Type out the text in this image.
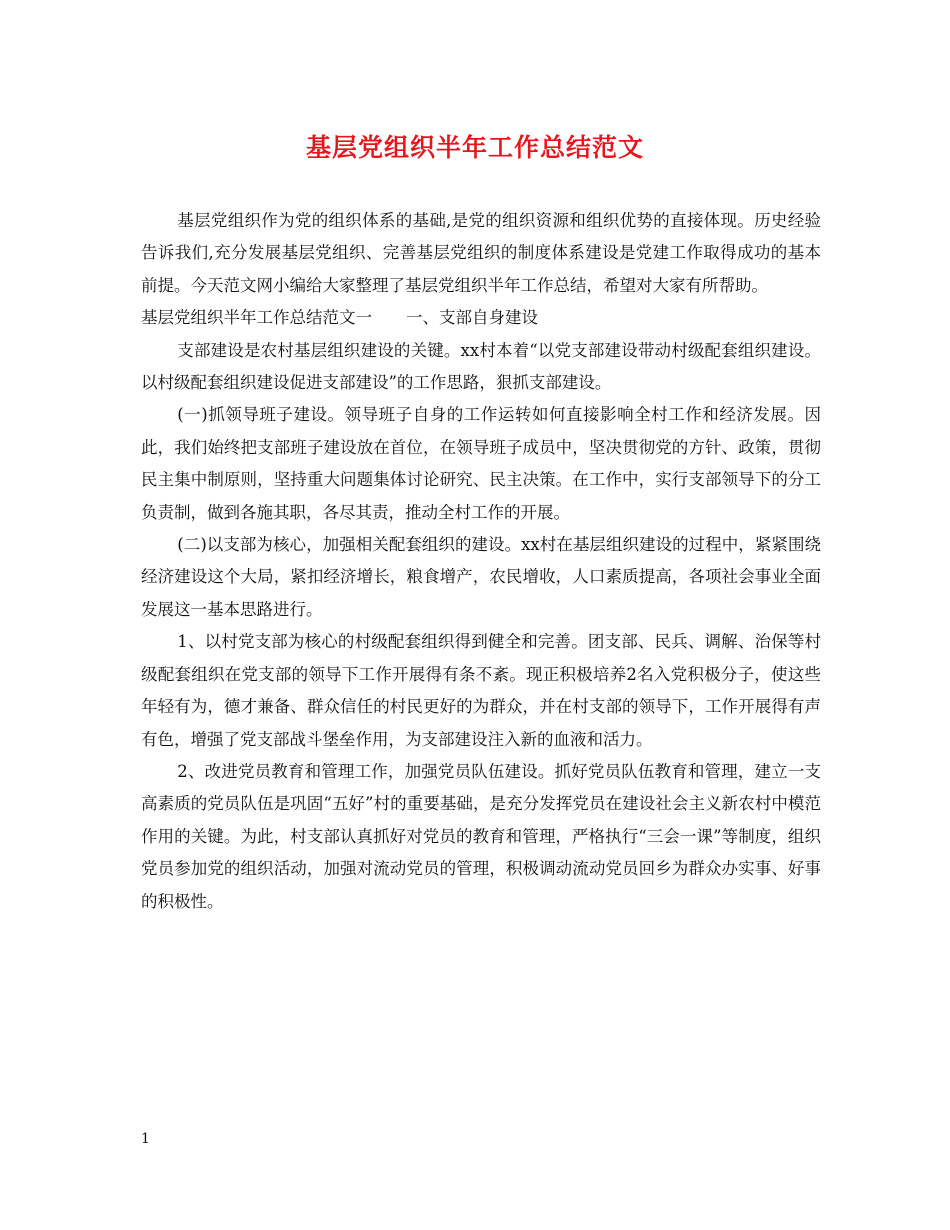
基层党组织半年工作总结范文

基层党组织作为党的组织体系的基础,是党的组织资源和组织优势的直接体现。历史经验告诉我们,充分发展基层党组织、完善基层党组织的制度体系建设是党建工作取得成功的基本前提。今天范文网小编给大家整理了基层党组织半年工作总结，希望对大家有所帮助。

基层党组织半年工作总结范文一 一、支部自身建设

支部建设是农村基层组织建设的关键。xx村本着“以党支部建设带动村级配套组织建设。以村级配套组织建设促进支部建设”的工作思路，狠抓支部建设。

(一)抓领导班子建设。领导班子自身的工作运转如何直接影响全村工作和经济发展。因此，我们始终把支部班子建设放在首位，在领导班子成员中，坚决贯彻党的方针、政策，贯彻民主集中制原则，坚持重大问题集体讨论研究、民主决策。在工作中，实行支部领导下的分工负责制，做到各施其职，各尽其责，推动全村工作的开展。

(二)以支部为核心，加强相关配套组织的建设。xx村在基层组织建设的过程中，紧紧围绕经济建设这个大局，紧扣经济增长，粮食增产，农民增收，人口素质提高，各项社会事业全面发展这一基本思路进行。

1、以村党支部为核心的村级配套组织得到健全和完善。团支部、民兵、调解、治保等村级配套组织在党支部的领导下工作开展得有条不紊。现正积极培养2名入党积极分子，使这些年轻有为，德才兼备、群众信任的村民更好的为群众，并在村支部的领导下，工作开展得有声有色，增强了党支部战斗堡垒作用，为支部建设注入新的血液和活力。

2、改进党员教育和管理工作，加强党员队伍建设。抓好党员队伍教育和管理，建立一支高素质的党员队伍是巩固“五好”村的重要基础，是充分发挥党员在建设社会主义新农村中模范作用的关键。为此，村支部认真抓好对党员的教育和管理，严格执行“三会一课”等制度，组织党员参加党的组织活动，加强对流动党员的管理，积极调动流动党员回乡为群众办实事、好事的积极性。

1
